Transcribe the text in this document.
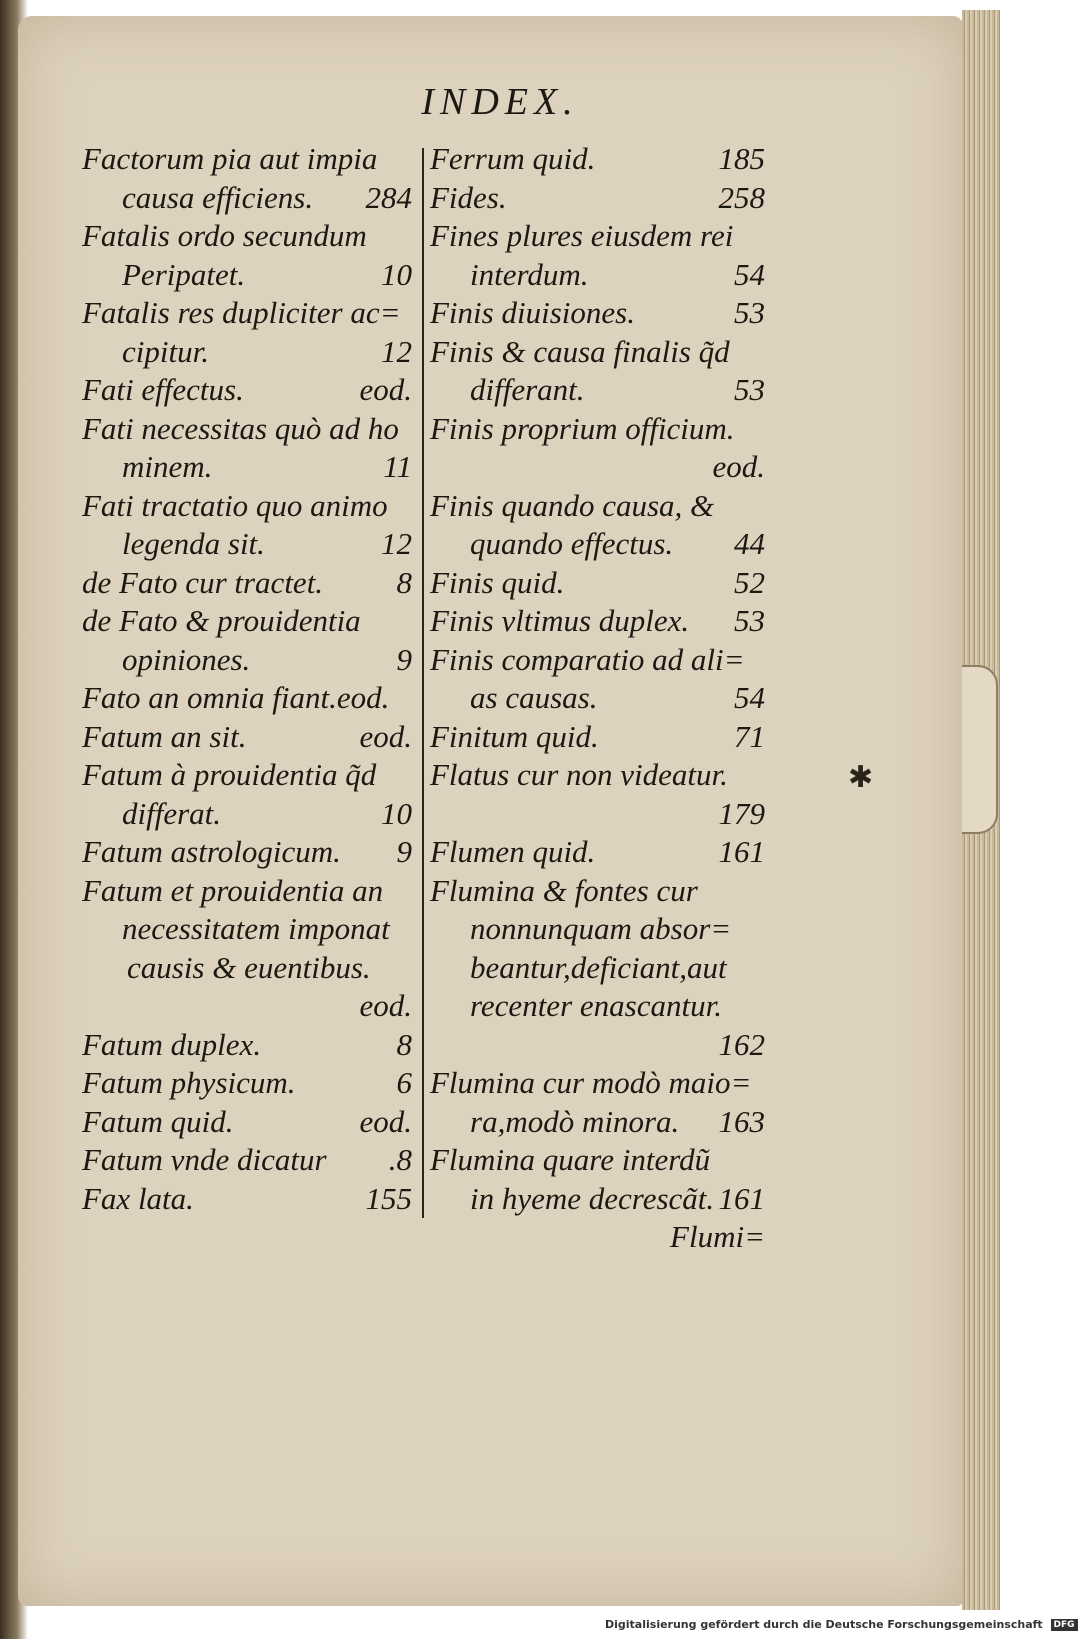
✱
INDEX.
Factorum pia aut impia
causa efficiens. 284
Fatalis ordo secundum
Peripatet.	10
Fatalis res dupliciter ac=
cipitur.	12
Fati effectus.	eod.
Fati necessitas quò ad ho
minem.	11
Fati tractatio quo animo
legenda sit.	12
de Fato cur tractet. 8
de Fato & prouidentia
opiniones.	9
Fato an omnia fiant.eod.
Fatum an sit.	eod.
Fatum à prouidentia q̃d
differat.	10
Fatum astrologicum. 9
Fatum et prouidentia an
necessitatem imponat
causis & euentibus.
eod.
Fatum duplex.	8
Fatum physicum.	6
Fatum quid.	eod.
Fatum vnde dicatur .8
Fax lata.	155
Ferrum quid.	185
Fides.	258
Fines plures eiusdem rei
interdum.	54
Finis diuisiones.	53
Finis & causa finalis q̃d
differant.	53
Finis proprium officium.
eod.
Finis quando causa, &
quando effectus. 44
Finis quid.	52
Finis vltimus duplex. 53
Finis comparatio ad ali=
as causas.	54
Finitum quid.	71
Flatus cur non videatur.
179
Flumen quid.	161
Flumina & fontes cur
nonnunquam absor=
beantur,deficiant,aut
recenter enascantur.
162
Flumina cur modò maio=
ra,modò minora. 163
Flumina quare interdũ
in hyeme decrescãt. 161
Flumi=
Digitalisierung gefördert durch die Deutsche Forschungsgemeinschaft DFG
